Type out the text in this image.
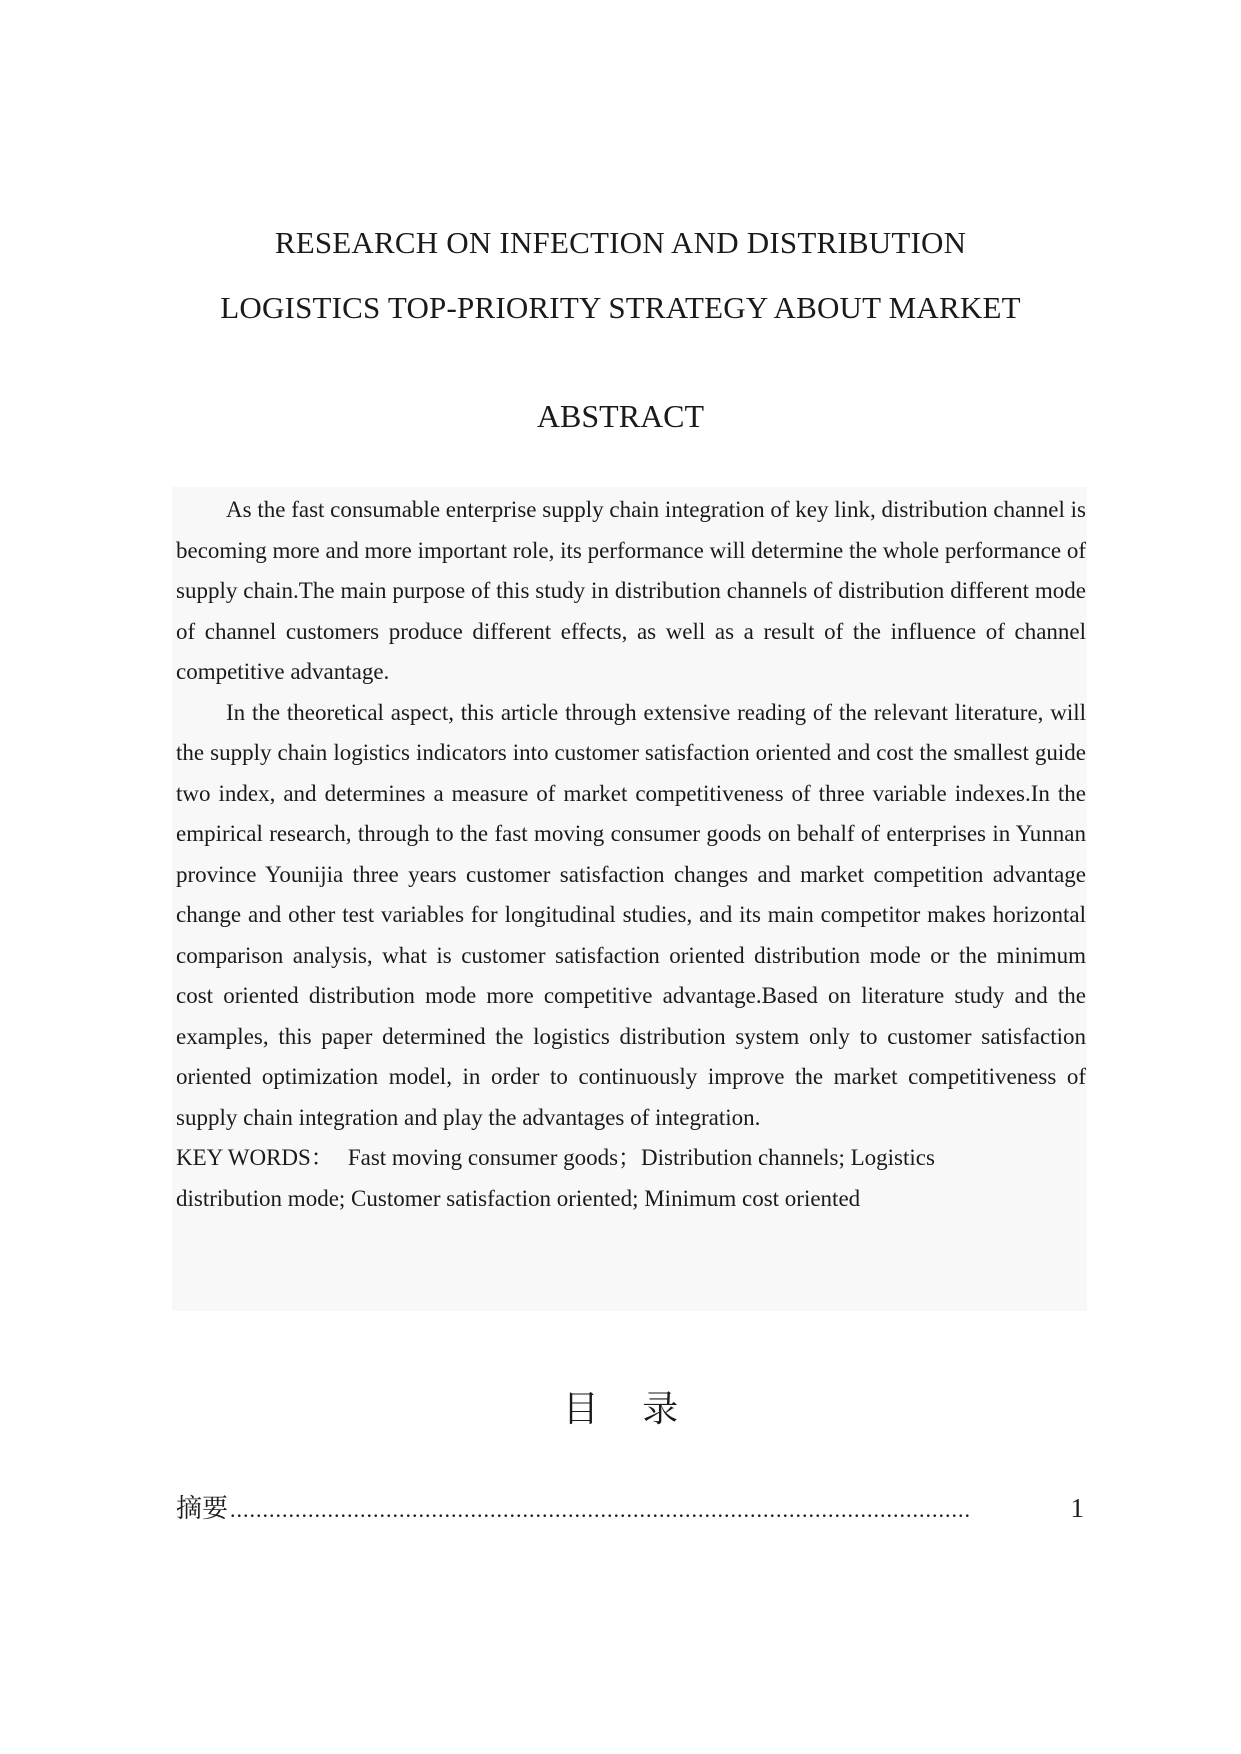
RESEARCH ON INFECTION AND DISTRIBUTION
LOGISTICS TOP-PRIORITY STRATEGY ABOUT MARKET
ABSTRACT

As the fast consumable enterprise supply chain integration of key link, distribution channel is becoming more and more important role, its performance will determine the whole performance of supply chain.The main purpose of this study in distribution channels of distribution different mode of channel customers produce different effects, as well as a result of the influence of channel competitive advantage.

In the theoretical aspect, this article through extensive reading of the relevant literature, will the supply chain logistics indicators into customer satisfaction oriented and cost the smallest guide two index, and determines a measure of market competitiveness of three variable indexes.In the empirical research, through to the fast moving consumer goods on behalf of enterprises in Yunnan province Younijia three years customer satisfaction changes and market competition advantage change and other test variables for longitudinal studies, and its main competitor makes horizontal comparison analysis, what is customer satisfaction oriented distribution mode or the minimum cost oriented distribution mode more competitive advantage.Based on literature study and the examples, this paper determined the logistics distribution system only to customer satisfaction oriented optimization model, in order to continuously improve the market competitiveness of supply chain integration and play the advantages of integration.

KEY WORDS： Fast moving consumer goods；Distribution channels; Logistics
distribution mode; Customer satisfaction oriented; Minimum cost oriented
目 录
摘要 ..................................................................................................................	1
